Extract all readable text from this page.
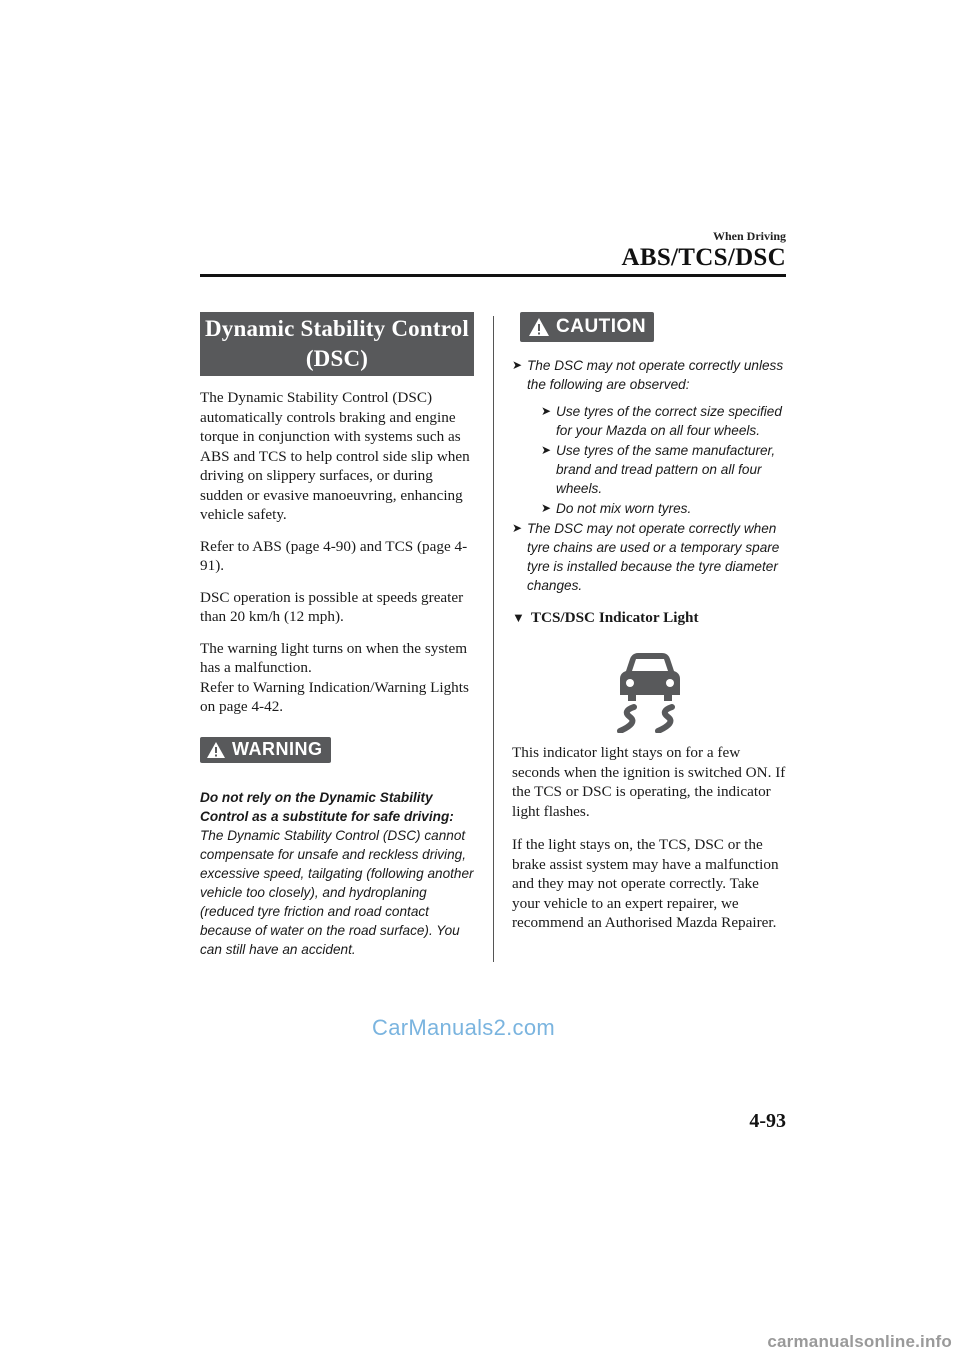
When Driving
ABS/TCS/DSC
Dynamic Stability Control
(DSC)

The Dynamic Stability Control (DSC) automatically controls braking and engine torque in conjunction with systems such as ABS and TCS to help control side slip when driving on slippery surfaces, or during sudden or evasive manoeuvring, enhancing vehicle safety.

Refer to ABS (page 4-90) and TCS (page 4-91).

DSC operation is possible at speeds greater than 20 km/h (12 mph).

The warning light turns on when the system has a malfunction.
Refer to Warning Indication/Warning Lights on page 4-42.

WARNING
Do not rely on the Dynamic Stability Control as a substitute for safe driving:
The Dynamic Stability Control (DSC) cannot compensate for unsafe and reckless driving, excessive speed, tailgating (following another vehicle too closely), and hydroplaning (reduced tyre friction and road contact because of water on the road surface). You can still have an accident.
CAUTION
➤ The DSC may not operate correctly unless the following are observed:
➤ Use tyres of the correct size specified for your Mazda on all four wheels.
➤ Use tyres of the same manufacturer, brand and tread pattern on all four wheels.
➤ Do not mix worn tyres.
➤ The DSC may not operate correctly when tyre chains are used or a temporary spare tyre is installed because the tyre diameter changes.
▼ TCS/DSC Indicator Light

This indicator light stays on for a few seconds when the ignition is switched ON. If the TCS or DSC is operating, the indicator light flashes.

If the light stays on, the TCS, DSC or the brake assist system may have a malfunction and they may not operate correctly. Take your vehicle to an expert repairer, we recommend an Authorised Mazda Repairer.

4-93
CarManuals2.com
carmanualsonline.info
